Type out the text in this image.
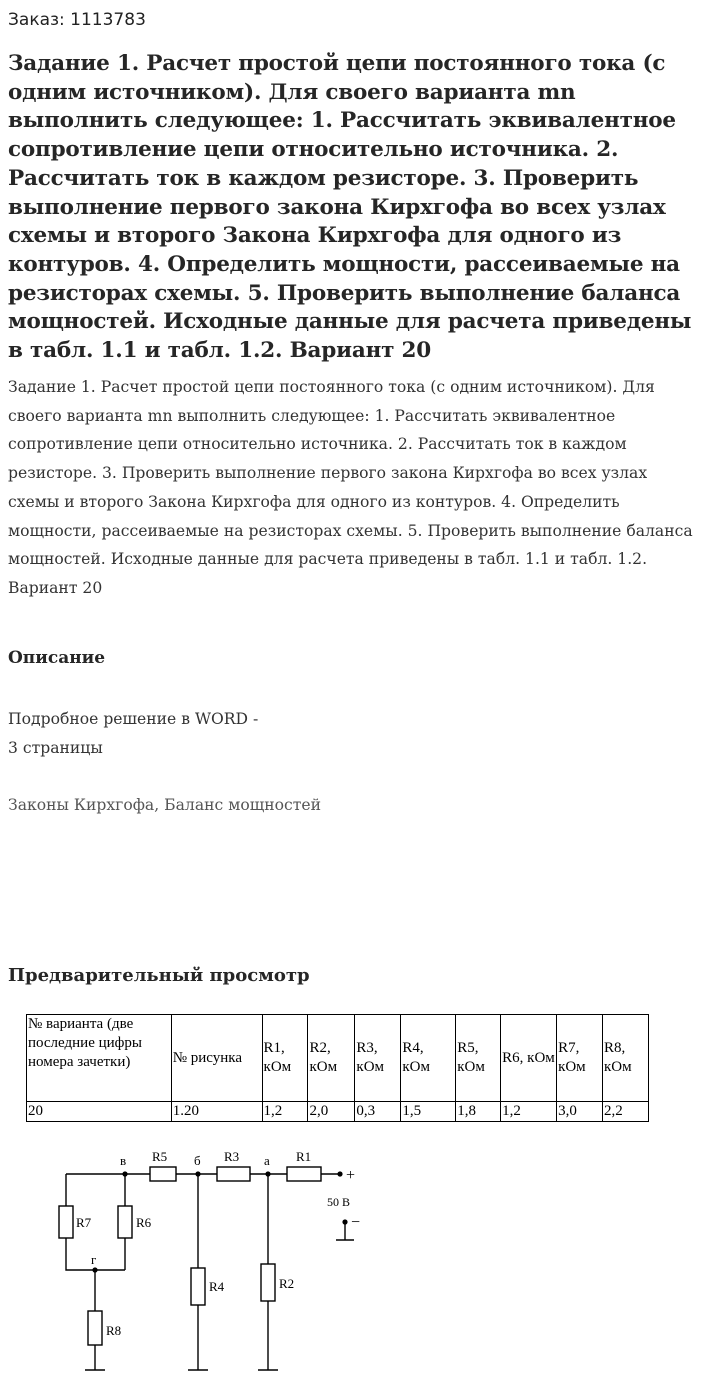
Заказ: 1113783
Задание 1. Расчет простой цепи постоянного тока (с одним источником). Для своего варианта mn выполнить следующее: 1. Рассчитать эквивалентное сопротивление цепи относительно источника. 2. Рассчитать ток в каждом резисторе. 3. Проверить выполнение первого закона Кирхгофа во всех узлах схемы и второго Закона Кирхгофа для одного из контуров. 4. Определить мощности, рассеиваемые на резисторах схемы. 5. Проверить выполнение баланса мощностей. Исходные данные для расчета приведены в табл. 1.1 и табл. 1.2. Вариант 20
Задание 1. Расчет простой цепи постоянного тока (с одним источником). Для своего варианта mn выполнить следующее: 1. Рассчитать эквивалентное сопротивление цепи относительно источника. 2. Рассчитать ток в каждом резисторе. 3. Проверить выполнение первого закона Кирхгофа во всех узлах схемы и второго Закона Кирхгофа для одного из контуров. 4. Определить мощности, рассеиваемые на резисторах схемы. 5. Проверить выполнение баланса мощностей. Исходные данные для расчета приведены в табл. 1.1 и табл. 1.2. Вариант 20
Описание
Подробное решение в WORD -
3 страницы
Законы Кирхгофа, Баланс мощностей
Предварительный просмотр
№ варианта (две последние цифры номера зачетки)	№ рисунка	R1, кОм	R2, кОм	R3, кОм	R4, кОм	R5, кОм	R6, кОм	R7, кОм	R8, кОм
20	1.20	1,2	2,0	0,3	1,5	1,8	1,2	3,0	2,2
в	б	а
г
R5	R3	R1
R7	R6
R8
R4	R2
50 В
+
−
